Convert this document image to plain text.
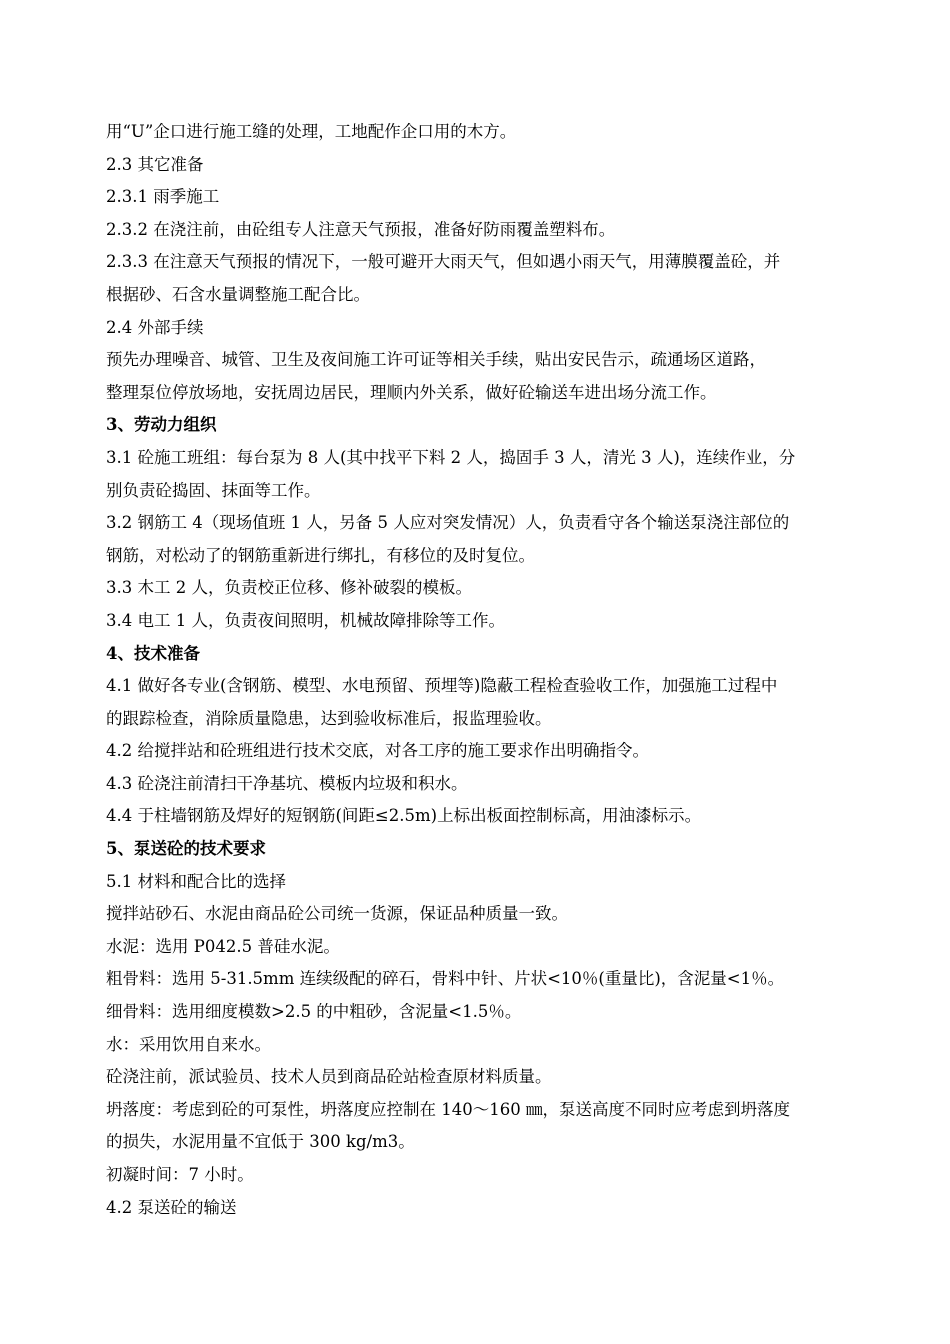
用“U”企口进行施工缝的处理，工地配作企口用的木方。
2.3 其它准备
2.3.1 雨季施工
2.3.2 在浇注前，由砼组专人注意天气预报，准备好防雨覆盖塑料布。
2.3.3 在注意天气预报的情况下，一般可避开大雨天气，但如遇小雨天气，用薄膜覆盖砼，并
根据砂、石含水量调整施工配合比。
2.4 外部手续
预先办理噪音、城管、卫生及夜间施工许可证等相关手续，贴出安民告示，疏通场区道路，
整理泵位停放场地，安抚周边居民，理顺内外关系，做好砼输送车进出场分流工作。
3、劳动力组织
3.1 砼施工班组：每台泵为 8 人(其中找平下料 2 人，捣固手 3 人，清光 3 人)，连续作业，分
别负责砼捣固、抹面等工作。
3.2 钢筋工 4（现场值班 1 人，另备 5 人应对突发情况）人，负责看守各个输送泵浇注部位的
钢筋，对松动了的钢筋重新进行绑扎，有移位的及时复位。
3.3 木工 2 人，负责校正位移、修补破裂的模板。
3.4 电工 1 人，负责夜间照明，机械故障排除等工作。
4、技术准备
4.1 做好各专业(含钢筋、模型、水电预留、预埋等)隐蔽工程检查验收工作，加强施工过程中
的跟踪检查，消除质量隐患，达到验收标准后，报监理验收。
4.2 给搅拌站和砼班组进行技术交底，对各工序的施工要求作出明确指令。
4.3 砼浇注前清扫干净基坑、模板内垃圾和积水。
4.4 于柱墙钢筋及焊好的短钢筋(间距≤2.5m)上标出板面控制标高，用油漆标示。
5、泵送砼的技术要求
5.1 材料和配合比的选择
搅拌站砂石、水泥由商品砼公司统一货源，保证品种质量一致。
水泥：选用 P042.5 普硅水泥。
粗骨料：选用 5-31.5mm 连续级配的碎石，骨料中针、片状<10％(重量比)，含泥量<1％。
细骨料：选用细度模数>2.5 的中粗砂，含泥量<1.5％。
水：采用饮用自来水。
砼浇注前，派试验员、技术人员到商品砼站检查原材料质量。
坍落度：考虑到砼的可泵性，坍落度应控制在 140～160 ㎜，泵送高度不同时应考虑到坍落度
的损失，水泥用量不宜低于 300 kg/m3。
初凝时间：7 小时。
4.2 泵送砼的输送
